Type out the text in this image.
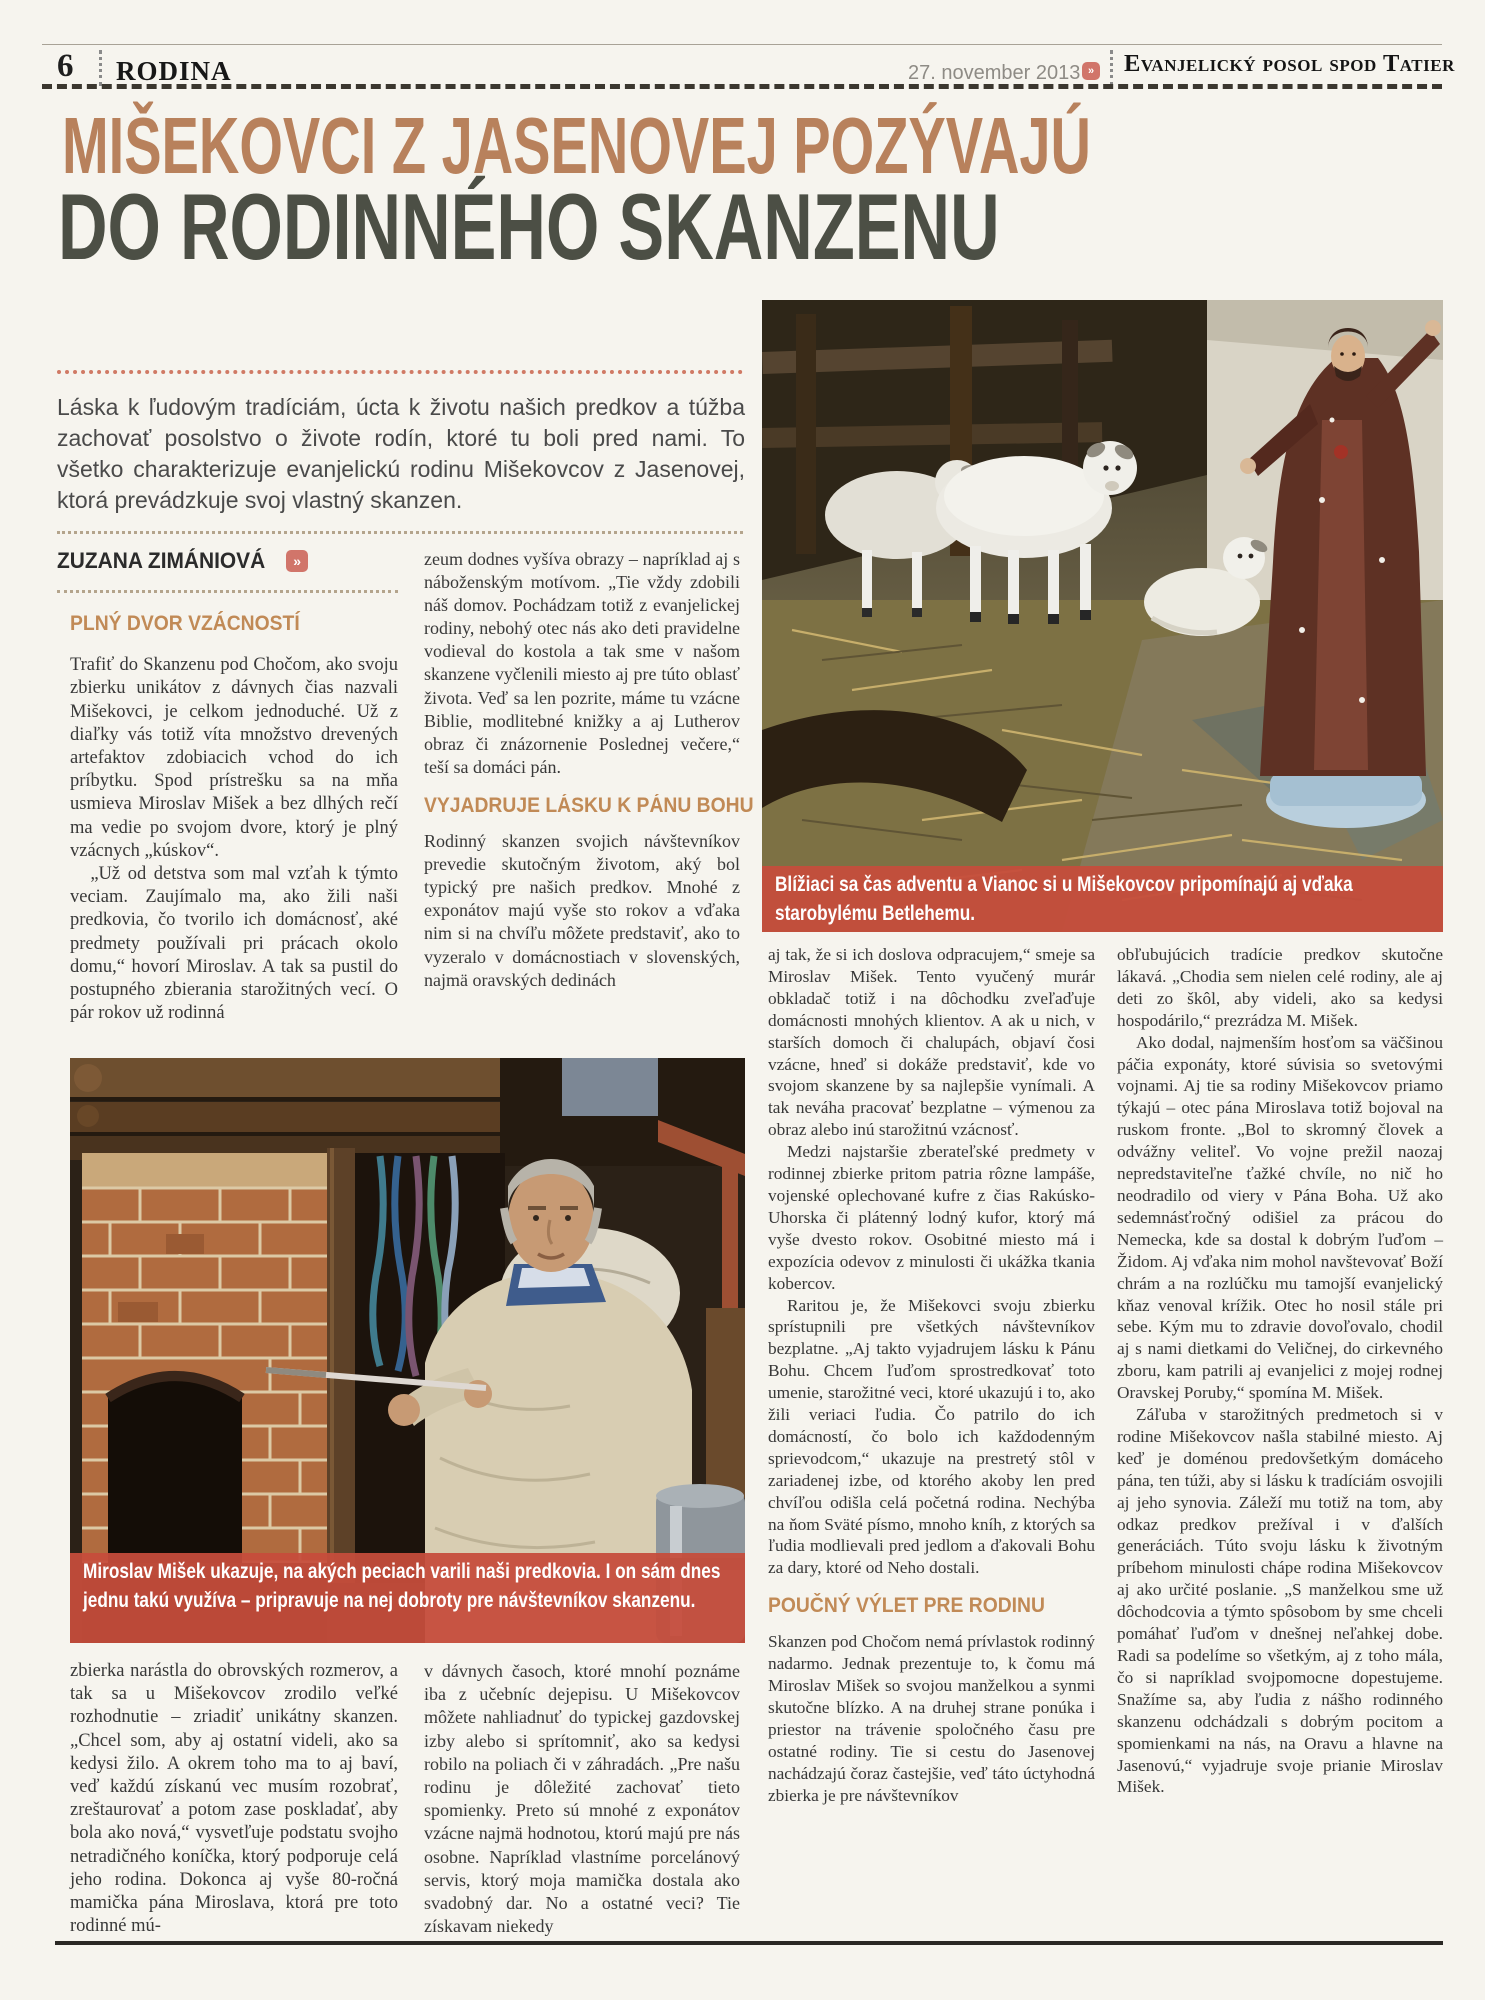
6 RODINA	27. november 2013 » Evanjelický posol spod Tatier
MIŠEKOVCI Z JASENOVEJ POZÝVAJÚ
DO RODINNÉHO SKANZENU
Láska k ľudovým tradíciám, úcta k životu našich predkov a túžba zachovať posolstvo o živote rodín, ktoré tu boli pred nami. To všetko charakterizuje evanjelickú rodinu Mišekovcov z Jasenovej, ktorá prevádzkuje svoj vlastný skanzen.
ZUZANA ZIMÁNIOVÁ	»
PLNÝ DVOR VZÁCNOSTÍ

Trafiť do Skanzenu pod Chočom, ako svoju zbierku unikátov z dávnych čias nazvali Mišekovci, je celkom jednoduché. Už z diaľky vás totiž víta množstvo drevených artefaktov zdobiacich vchod do ich príbytku. Spod prístrešku sa na mňa usmieva Miroslav Mišek a bez dlhých rečí ma vedie po svojom dvore, ktorý je plný vzácnych „kúskov“.

„Už od detstva som mal vzťah k týmto veciam. Zaujímalo ma, ako žili naši predkovia, čo tvorilo ich domácnosť, aké predmety používali pri prácach okolo domu,“ hovorí Miroslav. A tak sa pustil do postupného zbierania starožitných vecí. O pár rokov už rodinná

zeum dodnes vyšíva obrazy – napríklad aj s náboženským motívom. „Tie vždy zdobili náš domov. Pochádzam totiž z evanjelickej rodiny, nebohý otec nás ako deti pravidelne vodieval do kostola a tak sme v našom skanzene vyčlenili miesto aj pre túto oblasť života. Veď sa len pozrite, máme tu vzácne Biblie, modlitebné knižky a aj Lutherov obraz či znázornenie Poslednej večere,“ teší sa domáci pán.

VYJADRUJE LÁSKU K PÁNU BOHU

Rodinný skanzen svojich návštevníkov prevedie skutočným životom, aký bol typický pre našich predkov. Mnohé z exponátov majú vyše sto rokov a vďaka nim si na chvíľu môžete predstaviť, ako to vyzeralo v domácnostiach v slovenských, najmä oravských dedinách

Blížiaci sa čas adventu a Vianoc si u Mišekovcov pripomínajú aj vďaka starobylému Betlehemu.

aj tak, že si ich doslova odpracujem,“ smeje sa Miroslav Mišek. Tento vyučený murár obkladač totiž i na dôchodku zveľaďuje domácnosti mnohých klientov. A ak u nich, v starších domoch či chalupách, objaví čosi vzácne, hneď si dokáže predstaviť, kde vo svojom skanzene by sa najlepšie vynímali. A tak neváha pracovať bezplatne – výmenou za obraz alebo inú starožitnú vzácnosť.

Medzi najstaršie zberateľské predmety v rodinnej zbierke pritom patria rôzne lampáše, vojenské oplechované kufre z čias Rakúsko-Uhorska či plátenný lodný kufor, ktorý má vyše dvesto rokov. Osobitné miesto má i expozícia odevov z minulosti či ukážka tkania kobercov.

Raritou je, že Mišekovci svoju zbierku sprístupnili pre všetkých návštevníkov bezplatne. „Aj takto vyjadrujem lásku k Pánu Bohu. Chcem ľuďom sprostredkovať toto umenie, starožitné veci, ktoré ukazujú i to, ako žili veriaci ľudia. Čo patrilo do ich domácností, čo bolo ich každodenným sprievodcom,“ ukazuje na prestretý stôl v zariadenej izbe, od ktorého akoby len pred chvíľou odišla celá početná rodina. Nechýba na ňom Sväté písmo, mnoho kníh, z ktorých sa ľudia modlievali pred jedlom a ďakovali Bohu za dary, ktoré od Neho dostali.

POUČNÝ VÝLET PRE RODINU

Skanzen pod Chočom nemá prívlastok rodinný nadarmo. Jednak prezentuje to, k čomu má Miroslav Mišek so svojou manželkou a synmi skutočne blízko. A na druhej strane ponúka i priestor na trávenie spoločného času pre ostatné rodiny. Tie si cestu do Jasenovej nachádzajú čoraz častejšie, veď táto úctyhodná zbierka je pre návštevníkov

obľubujúcich tradície predkov skutočne lákavá. „Chodia sem nielen celé rodiny, ale aj deti zo škôl, aby videli, ako sa kedysi hospodárilo,“ prezrádza M. Mišek.

Ako dodal, najmenším hosťom sa väčšinou páčia exponáty, ktoré súvisia so svetovými vojnami. Aj tie sa rodiny Mišekovcov priamo týkajú – otec pána Miroslava totiž bojoval na ruskom fronte. „Bol to skromný človek a odvážny veliteľ. Vo vojne prežil naozaj nepredstaviteľne ťažké chvíle, no nič ho neodradilo od viery v Pána Boha. Už ako sedemnásťročný odišiel za prácou do Nemecka, kde sa dostal k dobrým ľuďom – Židom. Aj vďaka nim mohol navštevovať Boží chrám a na rozlúčku mu tamojší evanjelický kňaz venoval krížik. Otec ho nosil stále pri sebe. Kým mu to zdravie dovoľovalo, chodil aj s nami dietkami do Veličnej, do cirkevného zboru, kam patrili aj evanjelici z mojej rodnej Oravskej Poruby,“ spomína M. Mišek.

Záľuba v starožitných predmetoch si v rodine Mišekovcov našla stabilné miesto. Aj keď je doménou predovšetkým domáceho pána, ten túži, aby si lásku k tradíciám osvojili aj jeho synovia. Záleží mu totiž na tom, aby odkaz predkov prežíval i v ďalších generáciách. Túto svoju lásku k životným príbehom minulosti chápe rodina Mišekovcov aj ako určité poslanie. „S manželkou sme už dôchodcovia a týmto spôsobom by sme chceli pomáhať ľuďom v dnešnej neľahkej dobe. Radi sa podelíme so všetkým, aj z toho mála, čo si napríklad svojpomocne dopestujeme. Snažíme sa, aby ľudia z nášho rodinného skanzenu odchádzali s dobrým pocitom a spomienkami na nás, na Oravu a hlavne na Jasenovú,“ vyjadruje svoje prianie Miroslav Mišek.

Miroslav Mišek ukazuje, na akých peciach varili naši predkovia. I on sám dnes jednu takú využíva – pripravuje na nej dobroty pre návštevníkov skanzenu.

zbierka narástla do obrovských rozmerov, a tak sa u Mišekovcov zrodilo veľké rozhodnutie – zriadiť unikátny skanzen. „Chcel som, aby aj ostatní videli, ako sa kedysi žilo. A okrem toho ma to aj baví, veď každú získanú vec musím rozobrať, zreštaurovať a potom zase poskladať, aby bola ako nová,“ vysvetľuje podstatu svojho netradičného koníčka, ktorý podporuje celá jeho rodina. Dokonca aj vyše 80-ročná mamička pána Miroslava, ktorá pre toto rodinné mú-

v dávnych časoch, ktoré mnohí poznáme iba z učebníc dejepisu. U Mišekovcov môžete nahliadnuť do typickej gazdovskej izby alebo si sprítomniť, ako sa kedysi robilo na poliach či v záhradách. „Pre našu rodinu je dôležité zachovať tieto spomienky. Preto sú mnohé z exponátov vzácne najmä hodnotou, ktorú majú pre nás osobne. Napríklad vlastníme porcelánový servis, ktorý moja mamička dostala ako svadobný dar. No a ostatné veci? Tie získavam niekedy
